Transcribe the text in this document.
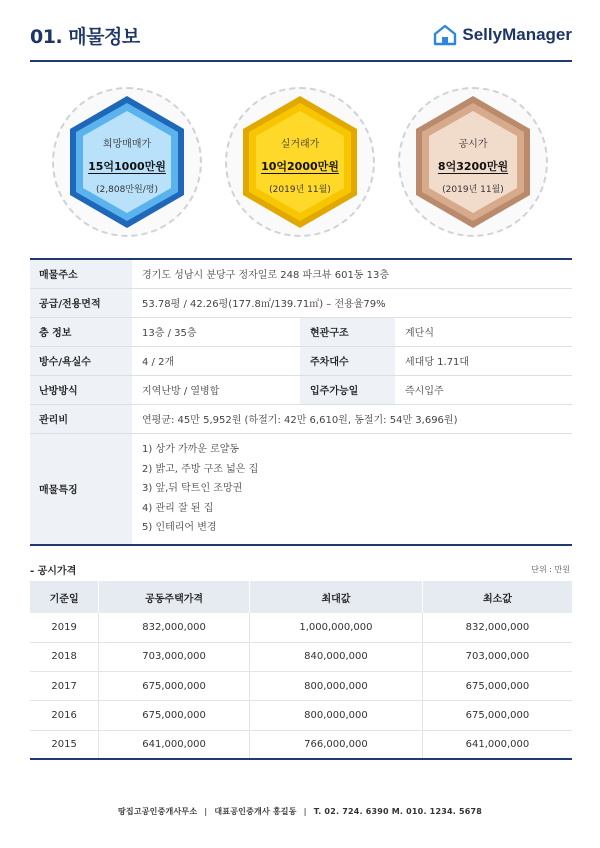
01. 매물정보	SellyManager
희망매매가
15억1000만원
(2,808만원/평)
실거래가
10억2000만원
(2019년 11월)
공시가
8억3200만원
(2019년 11월)
매물주소	경기도 성남시 분당구 정자일로 248 파크뷰 601동 13층		
공급/전용면적	53.78평 / 42.26평(177.8㎡/139.71㎡) – 전용율79%		
층 정보	13층 / 35층	현관구조	계단식
방수/욕실수	4 / 2개	주차대수	세대당 1.71대
난방방식	지역난방 / 열병합	입주가능일	즉시입주
관리비	연평균: 45만 5,952원 (하절기: 42만 6,610원, 동절기: 54만 3,696원)		
매물특징	1) 상가 가까운 로얄동
2) 밝고, 주방 구조 넓은 집
3) 앞,뒤 탁트인 조망권
4) 관리 잘 된 집
5) 인테리어 변경		
- 공시가격	단위 : 만원
기준일	공동주택가격	최대값	최소값
2019	832,000,000	1,000,000,000	832,000,000
2018	703,000,000	840,000,000	703,000,000
2017	675,000,000	800,000,000	675,000,000
2016	675,000,000	800,000,000	675,000,000
2015	641,000,000	766,000,000	641,000,000
땅집고공인중개사무소 | 대표공인중개사 홍길동 | T. 02. 724. 6390 M. 010. 1234. 5678
